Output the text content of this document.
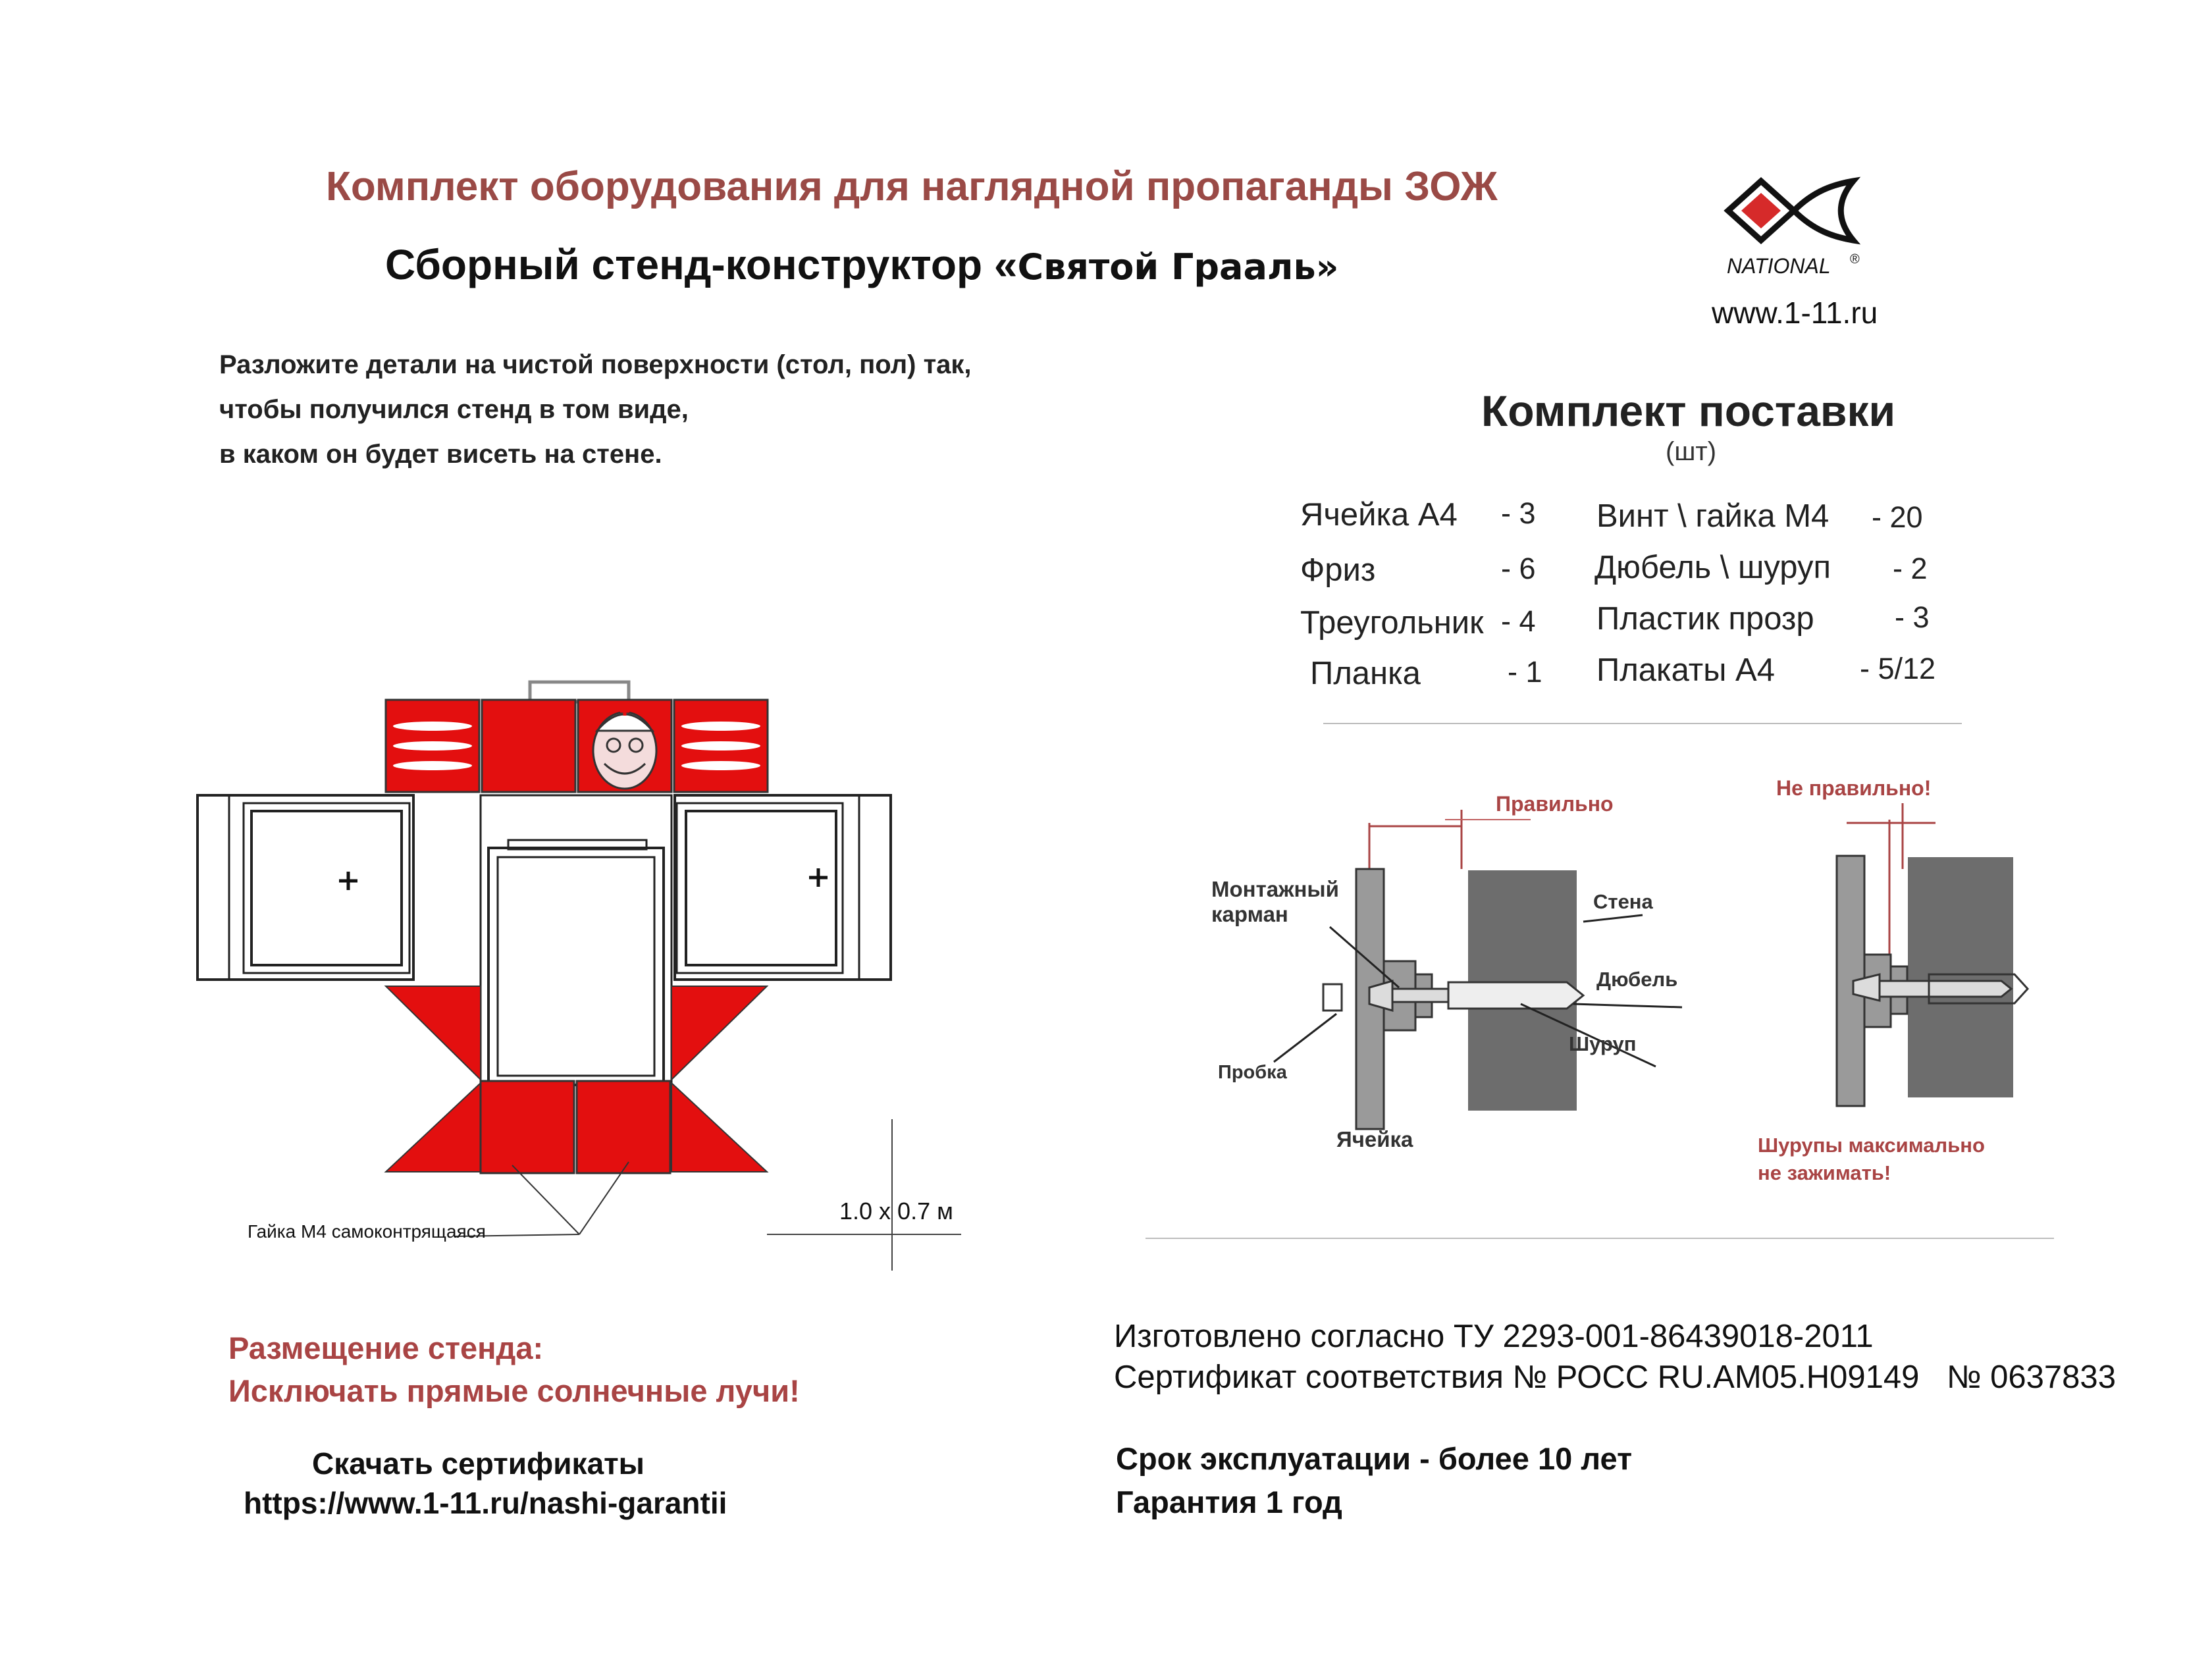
Комплект оборудования для наглядной пропаганды ЗОЖ
Сборный стенд-конструктор «Святой Грааль»	NATIONAL ®
www.1-11.ru
Разложите детали на чистой поверхности (стол, пол) так,
чтобы получился стенд в том виде,
в каком он будет висеть на стене.
Комплект поставки
(шт)
Ячейка А4 - 3
Фриз	- 6
Треугольник - 4
Планка	- 1
Винт \ гайка М4 - 20
Дюбель \ шуруп - 2
Пластик прозр	- 3
Плакаты А4	- 5/12
Гайка М4 самоконтрящаяся
1.0 х 0.7 м
Правильно
Монтажный
карман
Стена
Дюбель
Шуруп
Пробка
Ячейка
Не правильно!
Шурупы максимально
не зажимать!
Размещение стенда:
Исключать прямые солнечные лучи!
Скачать сертификаты
https://www.1-11.ru/nashi-garantii
Изготовлено согласно ТУ 2293-001-86439018-2011
Сертификат соответствия № РОСС RU.АМ05.Н09149 № 0637833
Срок эксплуатации - более 10 лет
Гарантия 1 год
